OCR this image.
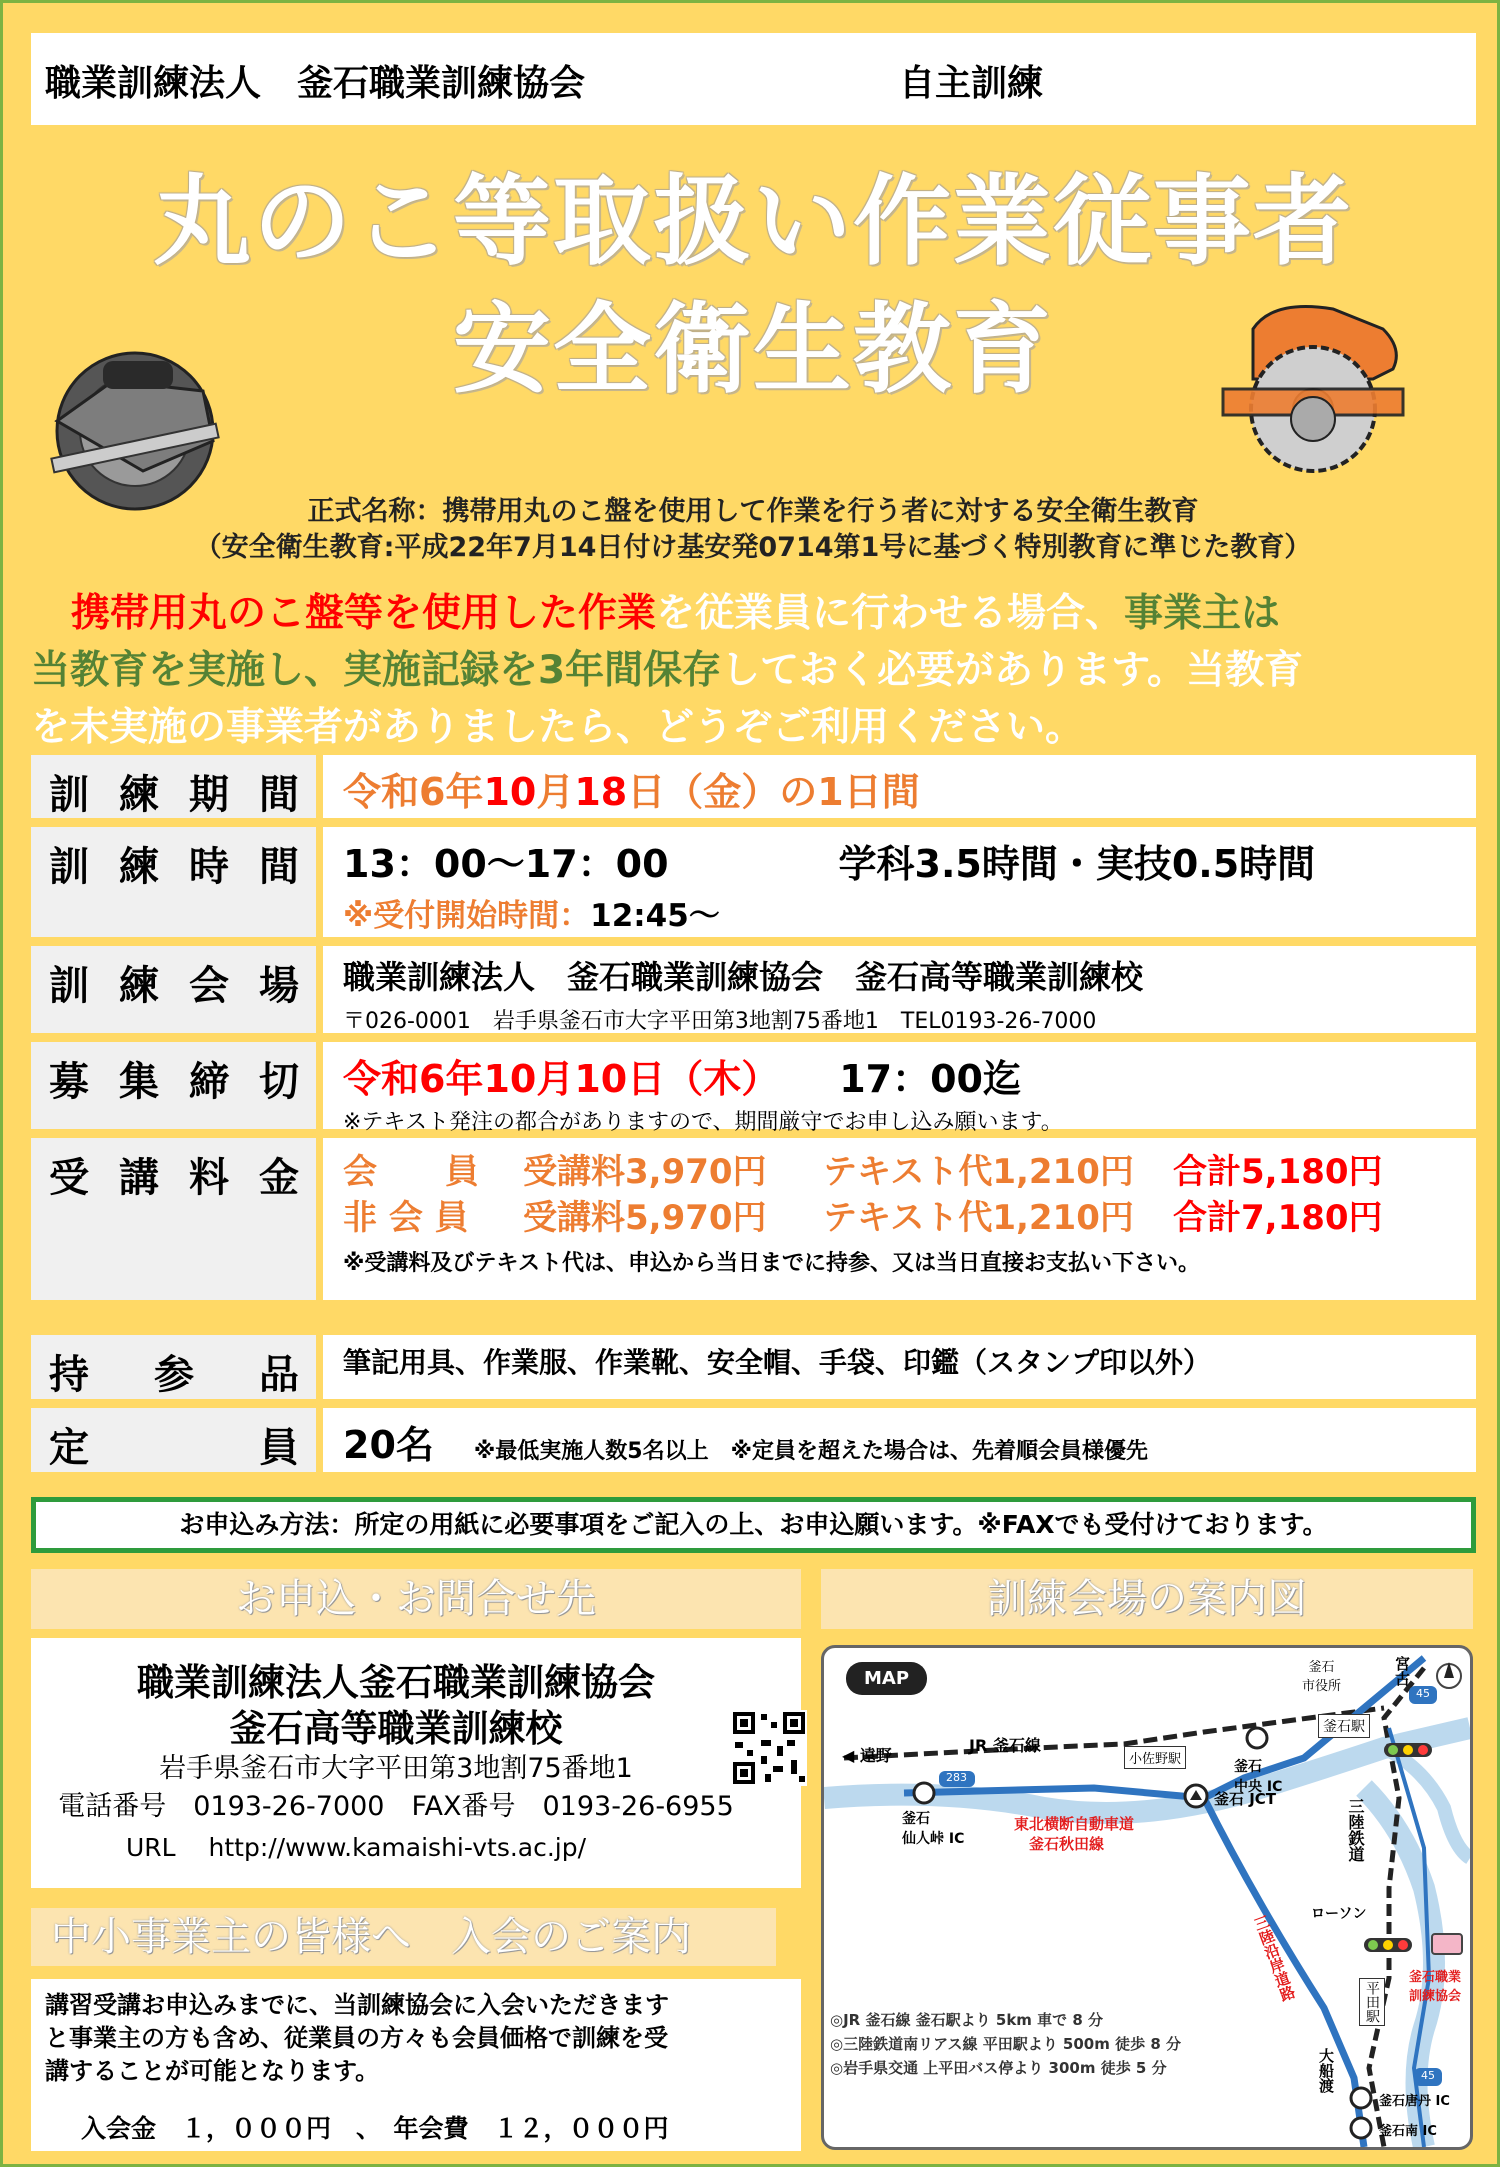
職業訓練法人　釜石職業訓練協会	自主訓練
丸のこ等取扱い作業従事者
安全衛生教育
正式名称：携帯用丸のこ盤を使用して作業を行う者に対する安全衛生教育
（安全衛生教育:平成22年7月14日付け基安発0714第1号に基づく特別教育に準じた教育）
携帯用丸のこ盤等を使用した作業を従業員に行わせる場合、事業主は
当教育を実施し、実施記録を3年間保存しておく必要があります。当教育
を未実施の事業者がありましたら、どうぞご利用ください。
訓 練 期 間	令和6年10月18日（金）の1日間
訓 練 時 間 13：00～17：00	学科3.5時間・実技0.5時間
※受付開始時間：12:45～
訓 練 会 場 職業訓練法人　釜石職業訓練協会　釜石高等職業訓練校
〒026-0001　岩手県釜石市大字平田第3地割75番地1　TEL0193-26-7000
募 集 締 切 令和6年10月10日（木） 17：00迄
※テキスト発注の都合がありますので、期間厳守でお申し込み願います。
受 講 料 金 会　　員 受講料3,970円 テキスト代1,210円 合計5,180円
非 会 員 受講料5,970円 テキスト代1,210円 合計7,180円
※受講料及びテキスト代は、申込から当日までに持参、又は当日直接お支払い下さい。
持 参 品 筆記用具、作業服、作業靴、安全帽、手袋、印鑑（スタンプ印以外）
定	員	20名 ※最低実施人数5名以上　※定員を超えた場合は、先着順会員様優先
お申込み方法：所定の用紙に必要事項をご記入の上、お申込願います。※FAXでも受付けております。
お申込・お問合せ先
職業訓練法人釜石職業訓練協会
釜石高等職業訓練校
岩手県釜石市大字平田第3地割75番地1
電話番号　0193-26-7000　FAX番号　0193-26-6955
URL　 http://www.kamaishi-vts.ac.jp/
中小事業主の皆様へ　入会のご案内
講習受講お申込みまでに、当訓練協会に入会いただきます
と事業主の方も含め、従業員の方々も会員価格で訓練を受
講することが可能となります。
入会金　１，０００円　、　年会費　１２，０００円
訓練会場の案内図
MAP
◀ 遠野
JR 釜石線
小佐野駅
釜石
市役所
釜石駅
宮古
釜石
中央 IC
釜石
仙人峠 IC
釜石 JCT
東北横断自動車道
釜石秋田線	三陸鉄道
三陸沿岸道路 ローソン
平田駅
釜石職業
訓練協会
大船渡
釜石唐丹 IC
釜石南 IC
283
45
45
◎JR 釜石線 釜石駅より 5km 車で 8 分
◎三陸鉄道南リアス線 平田駅より 500m 徒歩 8 分
◎岩手県交通 上平田バス停より 300m 徒歩 5 分
